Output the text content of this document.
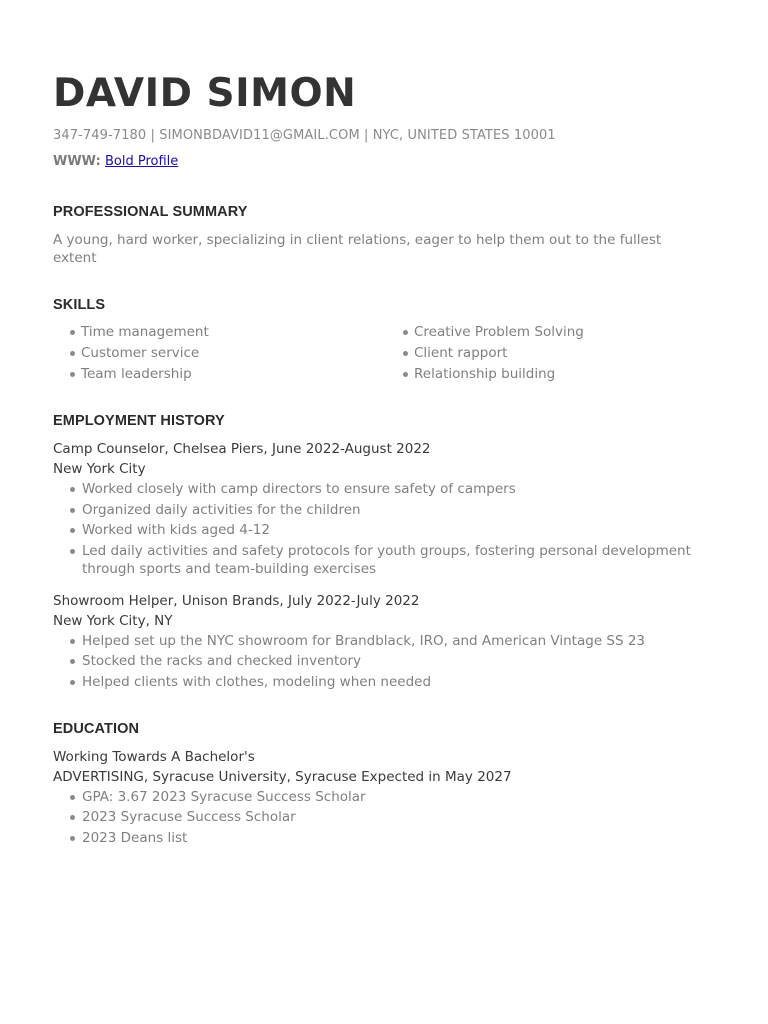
DAVID SIMON
347-749-7180 | SIMONBDAVID11@GMAIL.COM | NYC, UNITED STATES 10001
WWW: Bold Profile
PROFESSIONAL SUMMARY
A young, hard worker, specializing in client relations, eager to help them out to the fullest extent
SKILLS
Time management	Creative Problem Solving
Customer service	Client rapport
Team leadership	Relationship building
EMPLOYMENT HISTORY
Camp Counselor, Chelsea Piers, June 2022-August 2022
New York City
Worked closely with camp directors to ensure safety of campers
Organized daily activities for the children
Worked with kids aged 4-12
Led daily activities and safety protocols for youth groups, fostering personal development through sports and team-building exercises
Showroom Helper, Unison Brands, July 2022-July 2022
New York City, NY
Helped set up the NYC showroom for Brandblack, IRO, and American Vintage SS 23
Stocked the racks and checked inventory
Helped clients with clothes, modeling when needed
EDUCATION
Working Towards A Bachelor's
ADVERTISING, Syracuse University, Syracuse Expected in May 2027
GPA: 3.67 2023 Syracuse Success Scholar
2023 Syracuse Success Scholar
2023 Deans list
